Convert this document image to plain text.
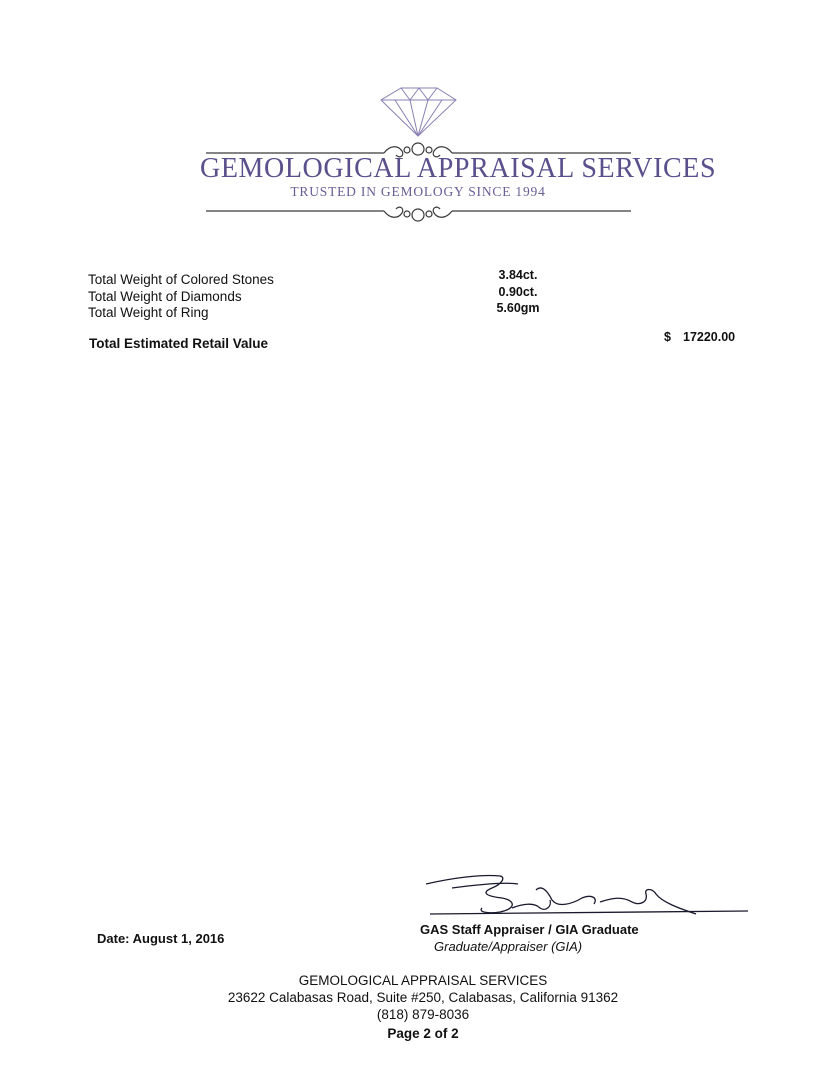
GEMOLOGICAL APPRAISAL SERVICES
TRUSTED IN GEMOLOGY SINCE 1994
Total Weight of Colored Stones	3.84ct.
Total Weight of Diamonds	0.90ct.
Total Weight of Ring	5.60gm
Total Estimated Retail Value	$ 17220.00
GAS Staff Appraiser / GIA Graduate
Graduate/Appraiser (GIA)
Date: August 1, 2016
GEMOLOGICAL APPRAISAL SERVICES
23622 Calabasas Road, Suite #250, Calabasas, California 91362
(818) 879-8036
Page 2 of 2
